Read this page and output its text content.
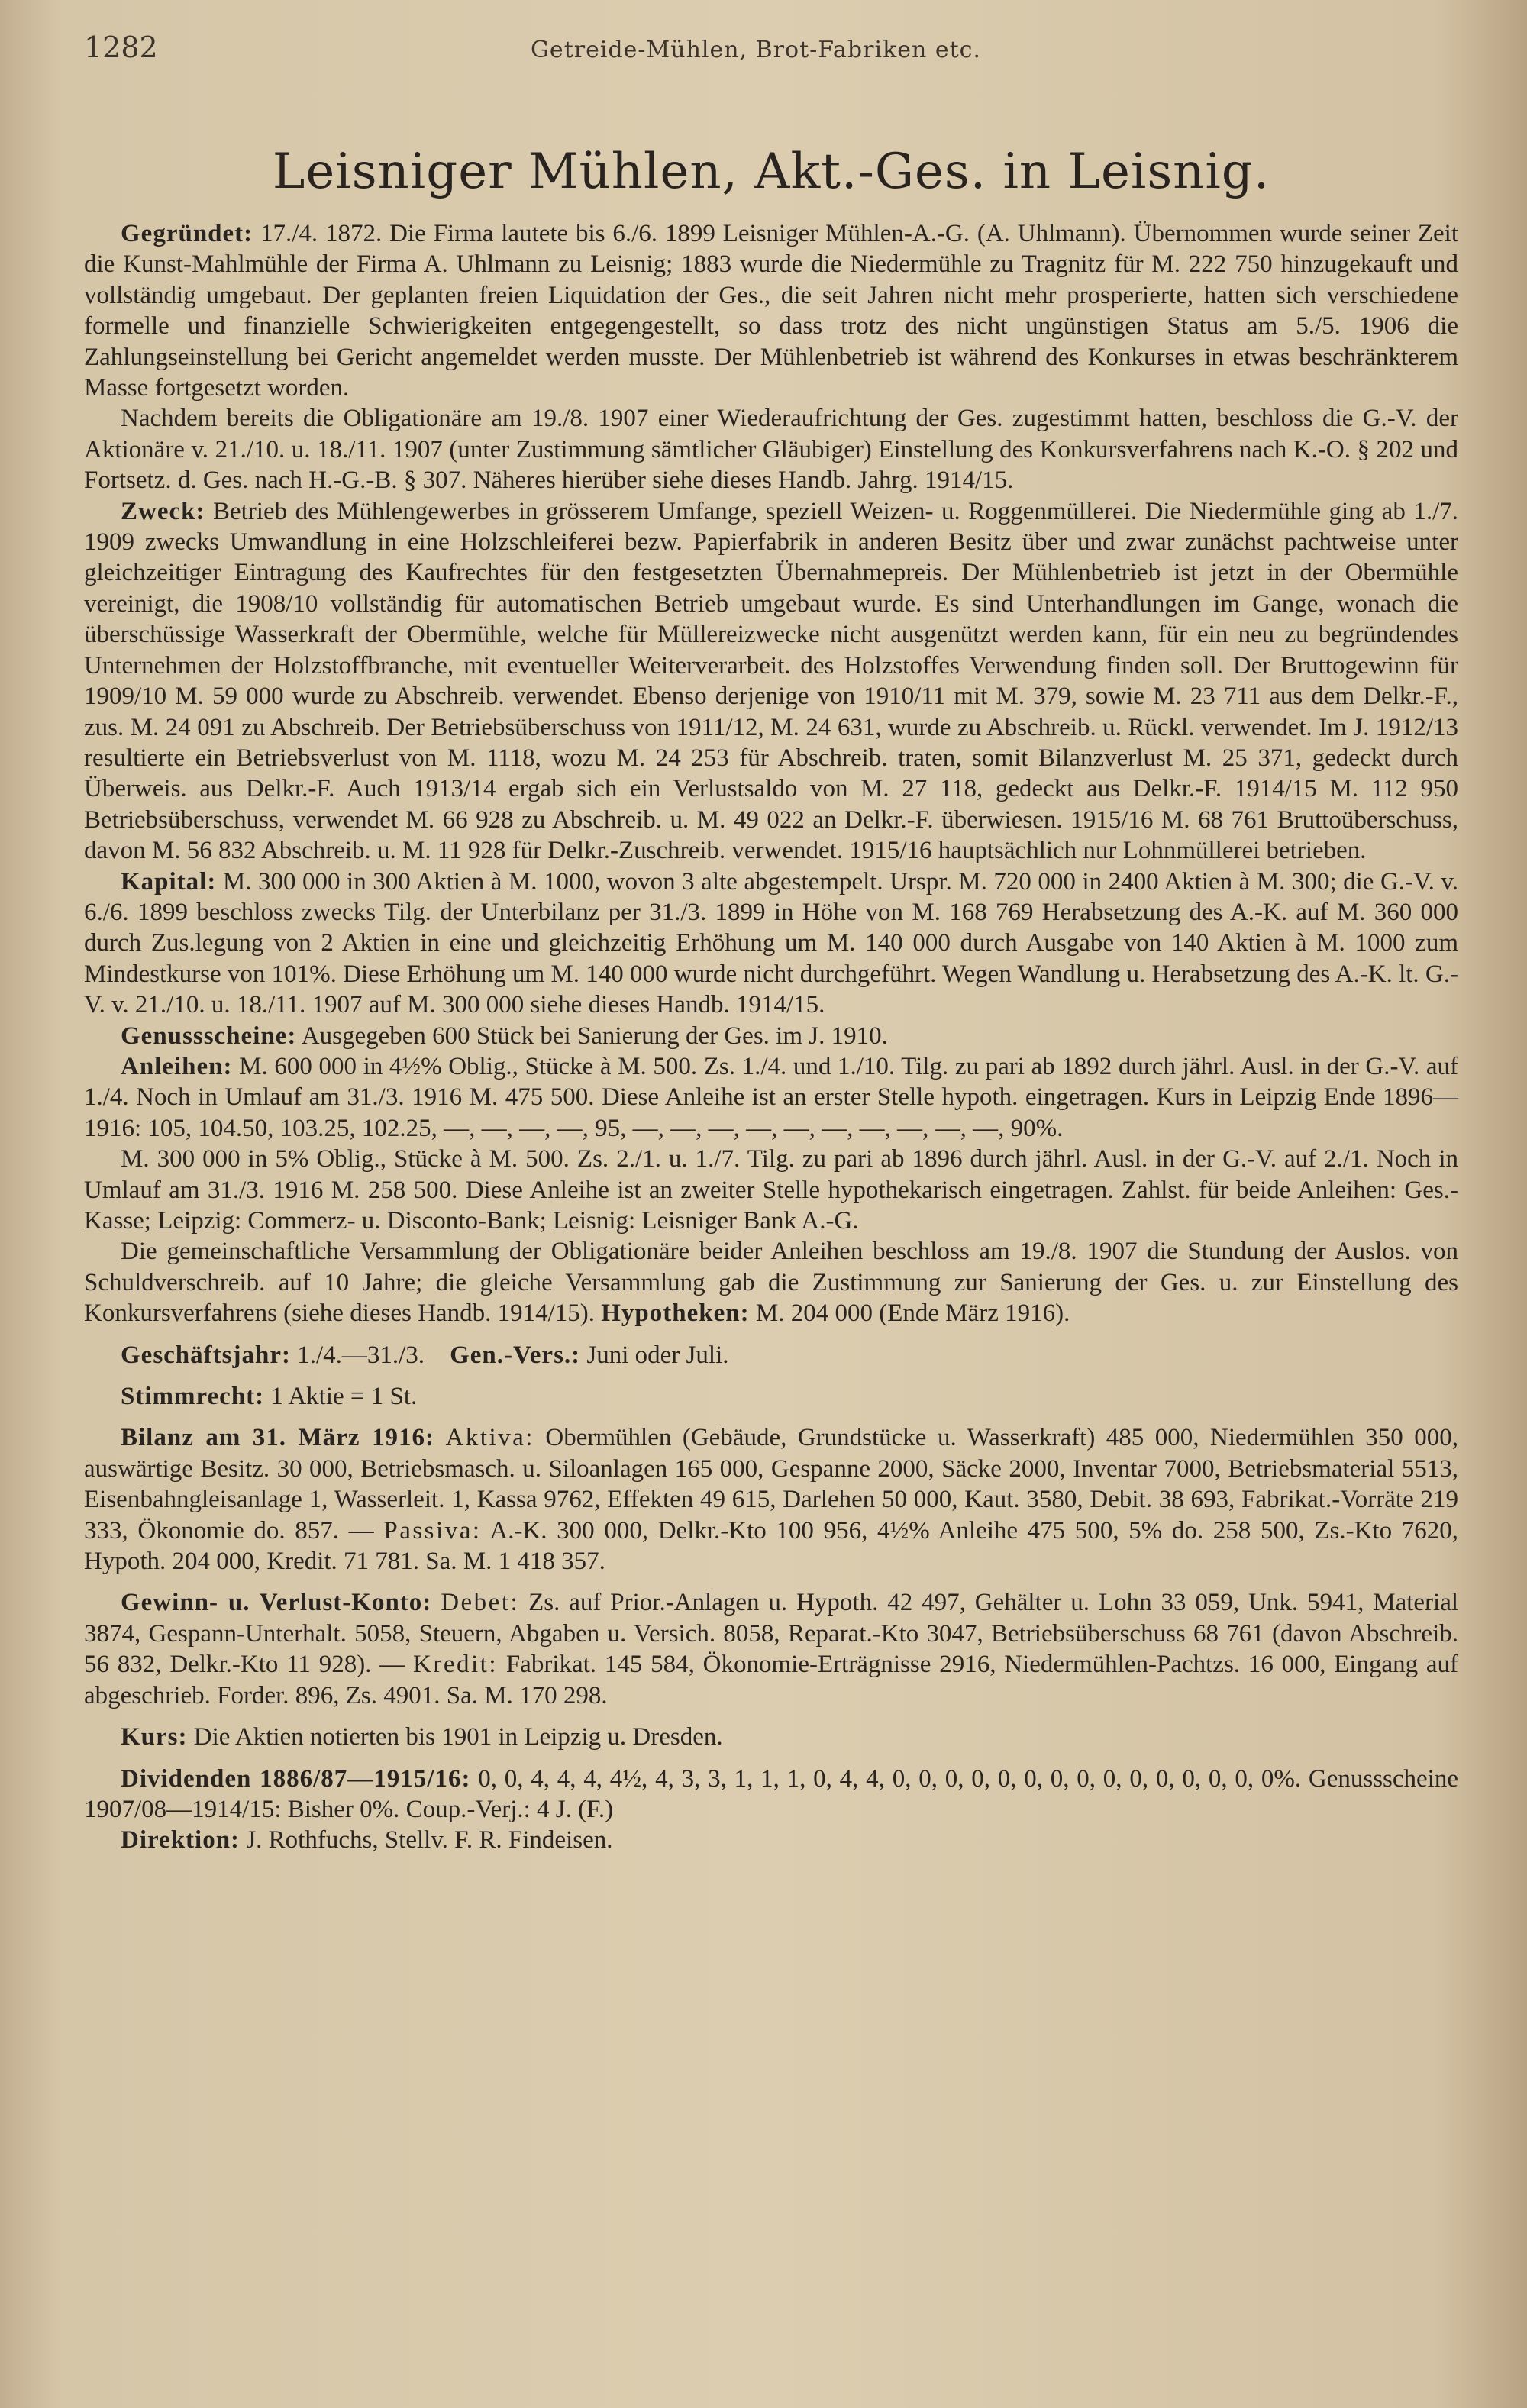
1282	Getreide-Mühlen, Brot-Fabriken etc.
Leisniger Mühlen, Akt.-Ges. in Leisnig.

Gegründet: 17./4. 1872. Die Firma lautete bis 6./6. 1899 Leisniger Mühlen-A.-G. (A. Uhlmann). Übernommen wurde seiner Zeit die Kunst-Mahlmühle der Firma A. Uhlmann zu Leisnig; 1883 wurde die Niedermühle zu Tragnitz für M. 222 750 hinzugekauft und vollständig umgebaut. Der geplanten freien Liquidation der Ges., die seit Jahren nicht mehr prosperierte, hatten sich verschiedene formelle und finanzielle Schwierigkeiten entgegengestellt, so dass trotz des nicht ungünstigen Status am 5./5. 1906 die Zahlungseinstellung bei Gericht angemeldet werden musste. Der Mühlenbetrieb ist während des Konkurses in etwas beschränkterem Masse fortgesetzt worden.

Nachdem bereits die Obligationäre am 19./8. 1907 einer Wiederaufrichtung der Ges. zugestimmt hatten, beschloss die G.-V. der Aktionäre v. 21./10. u. 18./11. 1907 (unter Zustimmung sämtlicher Gläubiger) Einstellung des Konkursverfahrens nach K.-O. § 202 und Fortsetz. d. Ges. nach H.-G.-B. § 307. Näheres hierüber siehe dieses Handb. Jahrg. 1914/15.

Zweck: Betrieb des Mühlengewerbes in grösserem Umfange, speziell Weizen- u. Roggenmüllerei. Die Niedermühle ging ab 1./7. 1909 zwecks Umwandlung in eine Holzschleiferei bezw. Papierfabrik in anderen Besitz über und zwar zunächst pachtweise unter gleichzeitiger Eintragung des Kaufrechtes für den festgesetzten Übernahmepreis. Der Mühlenbetrieb ist jetzt in der Obermühle vereinigt, die 1908/10 vollständig für automatischen Betrieb umgebaut wurde. Es sind Unterhandlungen im Gange, wonach die überschüssige Wasserkraft der Obermühle, welche für Müllereizwecke nicht ausgenützt werden kann, für ein neu zu begründendes Unternehmen der Holzstoffbranche, mit eventueller Weiterverarbeit. des Holzstoffes Verwendung finden soll. Der Bruttogewinn für 1909/10 M. 59 000 wurde zu Abschreib. verwendet. Ebenso derjenige von 1910/11 mit M. 379, sowie M. 23 711 aus dem Delkr.-F., zus. M. 24 091 zu Abschreib. Der Betriebsüberschuss von 1911/12, M. 24 631, wurde zu Abschreib. u. Rückl. verwendet. Im J. 1912/13 resultierte ein Betriebsverlust von M. 1118, wozu M. 24 253 für Abschreib. traten, somit Bilanzverlust M. 25 371, gedeckt durch Überweis. aus Delkr.-F. Auch 1913/14 ergab sich ein Verlustsaldo von M. 27 118, gedeckt aus Delkr.-F. 1914/15 M. 112 950 Betriebsüberschuss, verwendet M. 66 928 zu Abschreib. u. M. 49 022 an Delkr.-F. überwiesen. 1915/16 M. 68 761 Bruttoüberschuss, davon M. 56 832 Abschreib. u. M. 11 928 für Delkr.-Zuschreib. verwendet. 1915/16 hauptsächlich nur Lohnmüllerei betrieben.

Kapital: M. 300 000 in 300 Aktien à M. 1000, wovon 3 alte abgestempelt. Urspr. M. 720 000 in 2400 Aktien à M. 300; die G.-V. v. 6./6. 1899 beschloss zwecks Tilg. der Unterbilanz per 31./3. 1899 in Höhe von M. 168 769 Herabsetzung des A.-K. auf M. 360 000 durch Zus.legung von 2 Aktien in eine und gleichzeitig Erhöhung um M. 140 000 durch Ausgabe von 140 Aktien à M. 1000 zum Mindestkurse von 101%. Diese Erhöhung um M. 140 000 wurde nicht durchgeführt. Wegen Wandlung u. Herabsetzung des A.-K. lt. G.-V. v. 21./10. u. 18./11. 1907 auf M. 300 000 siehe dieses Handb. 1914/15.

Genussscheine: Ausgegeben 600 Stück bei Sanierung der Ges. im J. 1910.

Anleihen: M. 600 000 in 4½% Oblig., Stücke à M. 500. Zs. 1./4. und 1./10. Tilg. zu pari ab 1892 durch jährl. Ausl. in der G.-V. auf 1./4. Noch in Umlauf am 31./3. 1916 M. 475 500. Diese Anleihe ist an erster Stelle hypoth. eingetragen. Kurs in Leipzig Ende 1896—1916: 105, 104.50, 103.25, 102.25, —, —, —, —, 95, —, —, —, —, —, —, —, —, —, —, 90%.

M. 300 000 in 5% Oblig., Stücke à M. 500. Zs. 2./1. u. 1./7. Tilg. zu pari ab 1896 durch jährl. Ausl. in der G.-V. auf 2./1. Noch in Umlauf am 31./3. 1916 M. 258 500. Diese Anleihe ist an zweiter Stelle hypothekarisch eingetragen. Zahlst. für beide Anleihen: Ges.-Kasse; Leipzig: Commerz- u. Disconto-Bank; Leisnig: Leisniger Bank A.-G.

Die gemeinschaftliche Versammlung der Obligationäre beider Anleihen beschloss am 19./8. 1907 die Stundung der Auslos. von Schuldverschreib. auf 10 Jahre; die gleiche Versammlung gab die Zustimmung zur Sanierung der Ges. u. zur Einstellung des Konkursverfahrens (siehe dieses Handb. 1914/15). Hypotheken: M. 204 000 (Ende März 1916).

Geschäftsjahr: 1./4.—31./3. Gen.-Vers.: Juni oder Juli.

Stimmrecht: 1 Aktie = 1 St.

Bilanz am 31. März 1916: Aktiva: Obermühlen (Gebäude, Grundstücke u. Wasserkraft) 485 000, Niedermühlen 350 000, auswärtige Besitz. 30 000, Betriebsmasch. u. Siloanlagen 165 000, Gespanne 2000, Säcke 2000, Inventar 7000, Betriebsmaterial 5513, Eisenbahngleisanlage 1, Wasserleit. 1, Kassa 9762, Effekten 49 615, Darlehen 50 000, Kaut. 3580, Debit. 38 693, Fabrikat.-Vorräte 219 333, Ökonomie do. 857. — Passiva: A.-K. 300 000, Delkr.-Kto 100 956, 4½% Anleihe 475 500, 5% do. 258 500, Zs.-Kto 7620, Hypoth. 204 000, Kredit. 71 781. Sa. M. 1 418 357.

Gewinn- u. Verlust-Konto: Debet: Zs. auf Prior.-Anlagen u. Hypoth. 42 497, Gehälter u. Lohn 33 059, Unk. 5941, Material 3874, Gespann-Unterhalt. 5058, Steuern, Abgaben u. Versich. 8058, Reparat.-Kto 3047, Betriebsüberschuss 68 761 (davon Abschreib. 56 832, Delkr.-Kto 11 928). — Kredit: Fabrikat. 145 584, Ökonomie-Erträgnisse 2916, Niedermühlen-Pachtzs. 16 000, Eingang auf abgeschrieb. Forder. 896, Zs. 4901. Sa. M. 170 298.

Kurs: Die Aktien notierten bis 1901 in Leipzig u. Dresden.

Dividenden 1886/87—1915/16: 0, 0, 4, 4, 4, 4½, 4, 3, 3, 1, 1, 1, 0, 4, 4, 0, 0, 0, 0, 0, 0, 0, 0, 0, 0, 0, 0, 0, 0, 0%. Genussscheine 1907/08—1914/15: Bisher 0%. Coup.-Verj.: 4 J. (F.)

Direktion: J. Rothfuchs, Stellv. F. R. Findeisen.
